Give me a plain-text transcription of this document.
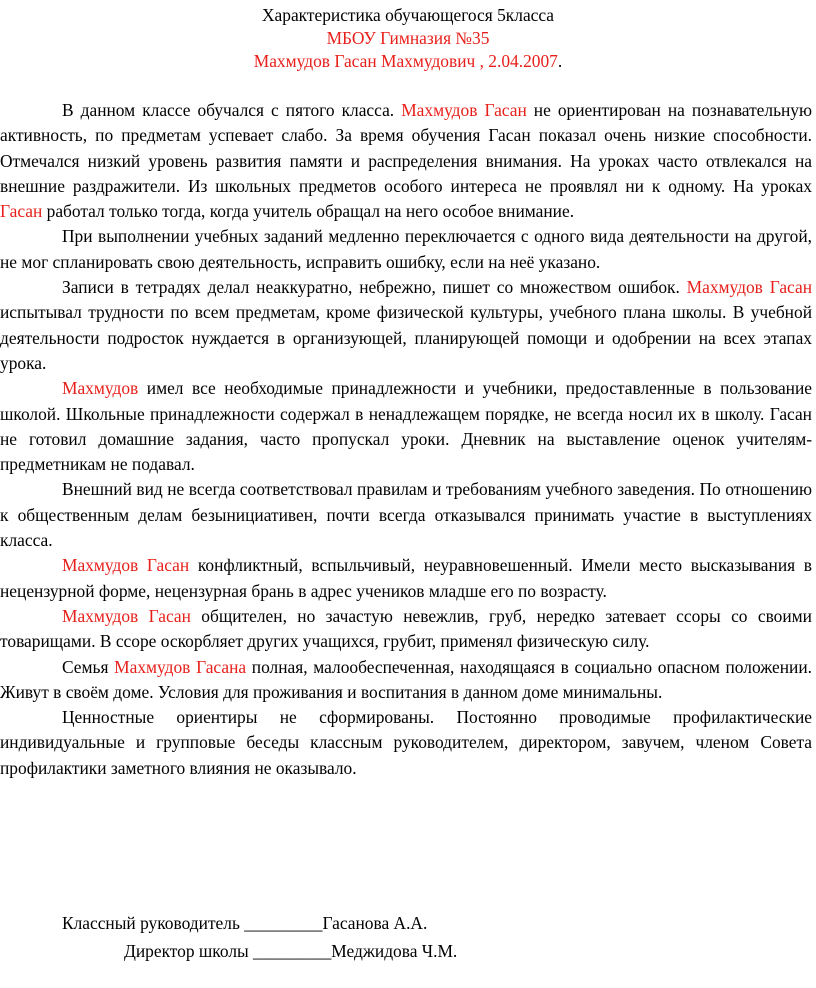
Характеристика обучающегося 5класса
МБОУ Гимназия №35
Махмудов Гасан Махмудович , 2.04.2007.

В данном классе обучался с пятого класса. Махмудов Гасан не ориентирован на познавательную активность, по предметам успевает слабо. За время обучения Гасан показал очень низкие способности. Отмечался низкий уровень развития памяти и распределения внимания. На уроках часто отвлекался на внешние раздражители. Из школьных предметов особого интереса не проявлял ни к одному. На уроках Гасан работал только тогда, когда учитель обращал на него особое внимание.

При выполнении учебных заданий медленно переключается с одного вида деятельности на другой, не мог спланировать свою деятельность, исправить ошибку, если на неё указано.

Записи в тетрадях делал неаккуратно, небрежно, пишет со множеством ошибок. Махмудов Гасан испытывал трудности по всем предметам, кроме физической культуры, учебного плана школы. В учебной деятельности подросток нуждается в организующей, планирующей помощи и одобрении на всех этапах урока.

Махмудов имел все необходимые принадлежности и учебники, предоставленные в пользование школой. Школьные принадлежности содержал в ненадлежащем порядке, не всегда носил их в школу. Гасан не готовил домашние задания, часто пропускал уроки. Дневник на выставление оценок учителям-предметникам не подавал.

Внешний вид не всегда соответствовал правилам и требованиям учебного заведения. По отношению к общественным делам безынициативен, почти всегда отказывался принимать участие в выступлениях класса.

Махмудов Гасан конфликтный, вспыльчивый, неуравновешенный. Имели место высказывания в нецензурной форме, нецензурная брань в адрес учеников младше его по возрасту.

Махмудов Гасан общителен, но зачастую невежлив, груб, нередко затевает ссоры со своими товарищами. В ссоре оскорбляет других учащихся, грубит, применял физическую силу.

Семья Махмудов Гасана полная, малообеспеченная, находящаяся в социально опасном положении. Живут в своём доме. Условия для проживания и воспитания в данном доме минимальны.

Ценностные ориентиры не сформированы. Постоянно проводимые профилактические индивидуальные и групповые беседы классным руководителем, директором, завучем, членом Совета профилактики заметного влияния не оказывало.

Классный руководитель _________Гасанова А.А.
Директор школы _________Меджидова Ч.М.
